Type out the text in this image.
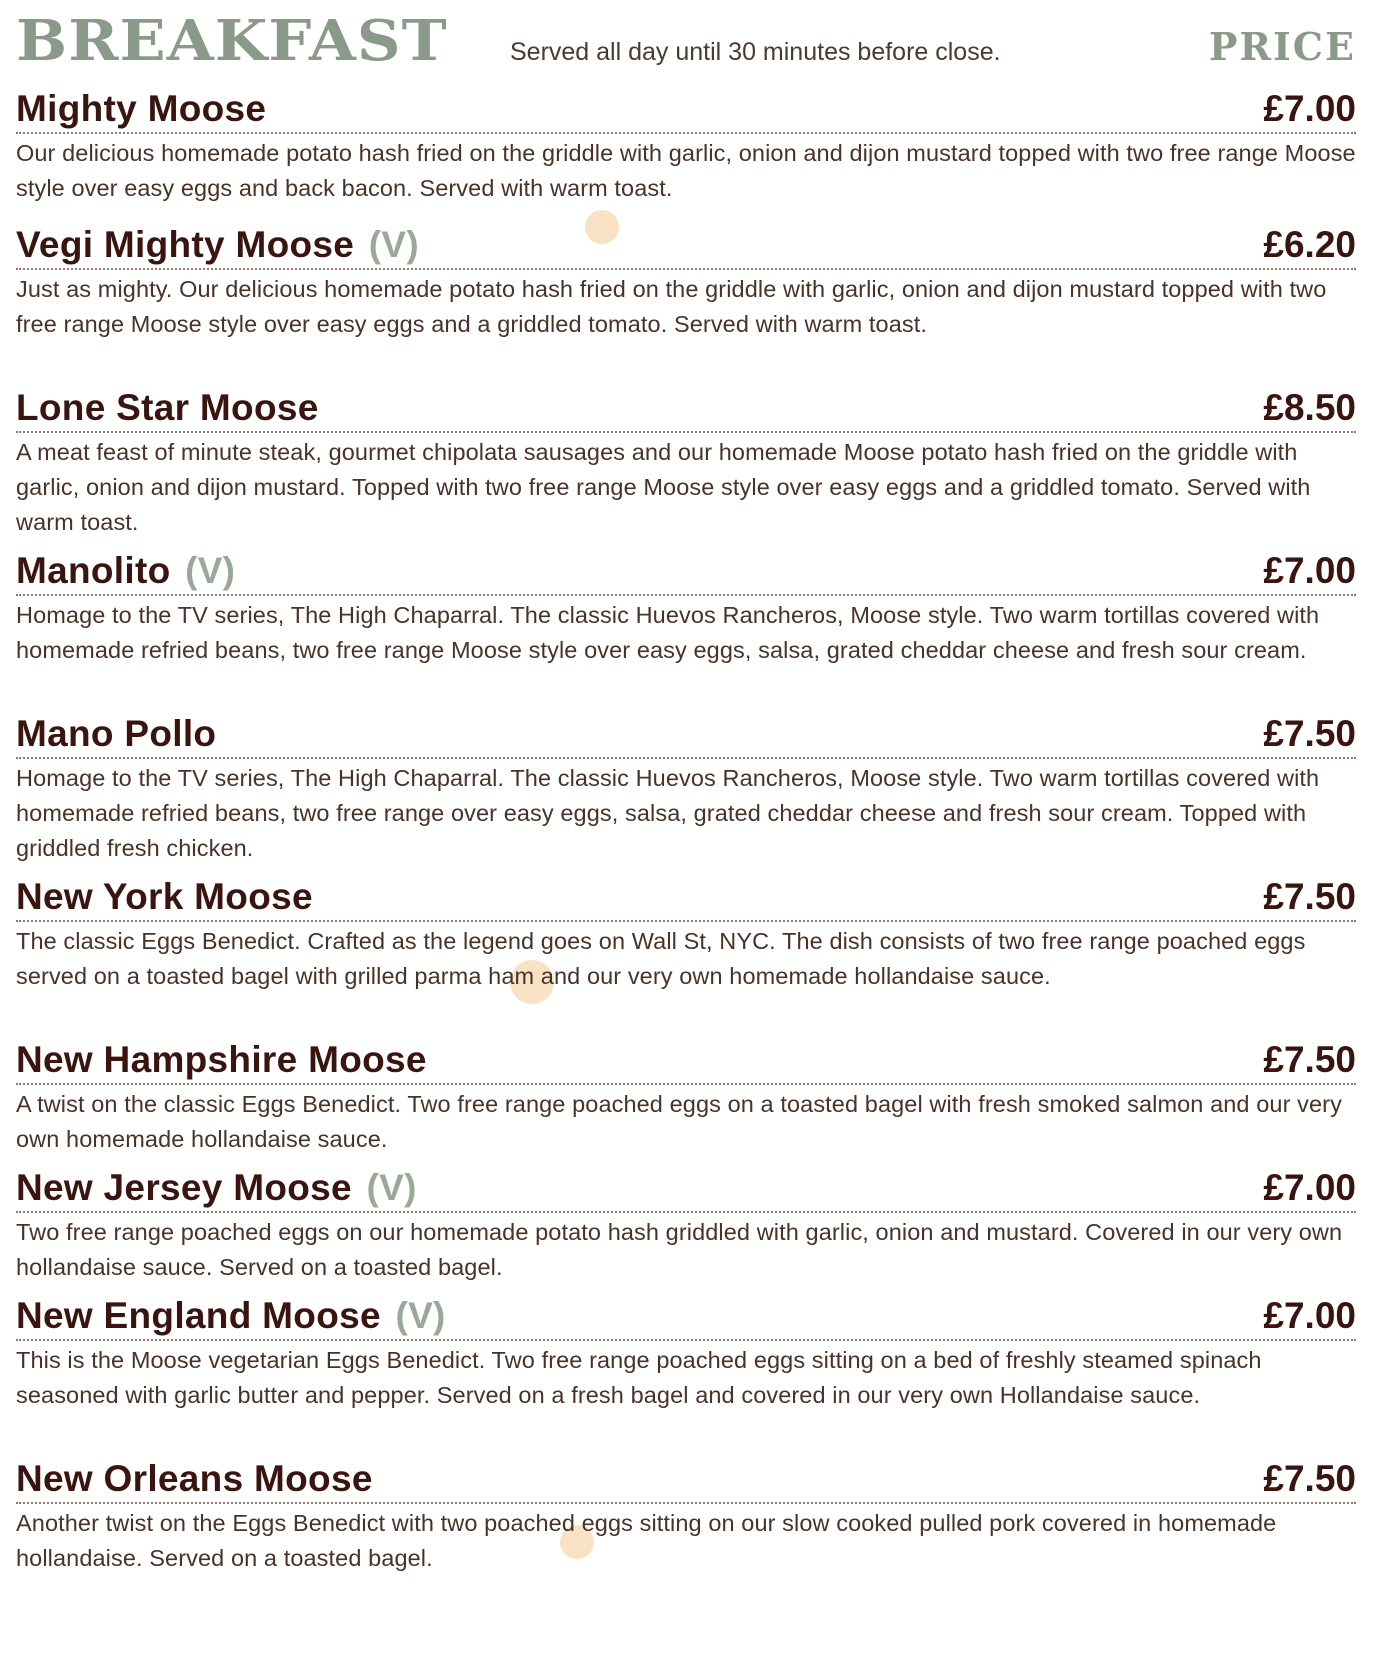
BREAKFAST Served all day until 30 minutes before close.	PRICE
Mighty Moose	£7.00
Our delicious homemade potato hash fried on the griddle with garlic, onion and dijon mustard topped with two free range Moose style over easy eggs and back bacon. Served with warm toast.
Vegi Mighty Moose (V)	£6.20
Just as mighty. Our delicious homemade potato hash fried on the griddle with garlic, onion and dijon mustard topped with two free range Moose style over easy eggs and a griddled tomato. Served with warm toast.
Lone Star Moose	£8.50
A meat feast of minute steak, gourmet chipolata sausages and our homemade Moose potato hash fried on the griddle with garlic, onion and dijon mustard. Topped with two free range Moose style over easy eggs and a griddled tomato. Served with warm toast.
Manolito (V)	£7.00
Homage to the TV series, The High Chaparral. The classic Huevos Rancheros, Moose style. Two warm tortillas covered with homemade refried beans, two free range Moose style over easy eggs, salsa, grated cheddar cheese and fresh sour cream.
Mano Pollo	£7.50
Homage to the TV series, The High Chaparral. The classic Huevos Rancheros, Moose style. Two warm tortillas covered with homemade refried beans, two free range over easy eggs, salsa, grated cheddar cheese and fresh sour cream. Topped with griddled fresh chicken.
New York Moose	£7.50
The classic Eggs Benedict. Crafted as the legend goes on Wall St, NYC. The dish consists of two free range poached eggs served on a toasted bagel with grilled parma ham and our very own homemade hollandaise sauce.
New Hampshire Moose	£7.50
A twist on the classic Eggs Benedict. Two free range poached eggs on a toasted bagel with fresh smoked salmon and our very own homemade hollandaise sauce.
New Jersey Moose (V)	£7.00
Two free range poached eggs on our homemade potato hash griddled with garlic, onion and mustard. Covered in our very own hollandaise sauce. Served on a toasted bagel.
New England Moose (V)	£7.00
This is the Moose vegetarian Eggs Benedict. Two free range poached eggs sitting on a bed of freshly steamed spinach seasoned with garlic butter and pepper. Served on a fresh bagel and covered in our very own Hollandaise sauce.
New Orleans Moose	£7.50
Another twist on the Eggs Benedict with two poached eggs sitting on our slow cooked pulled pork covered in homemade hollandaise. Served on a toasted bagel.
